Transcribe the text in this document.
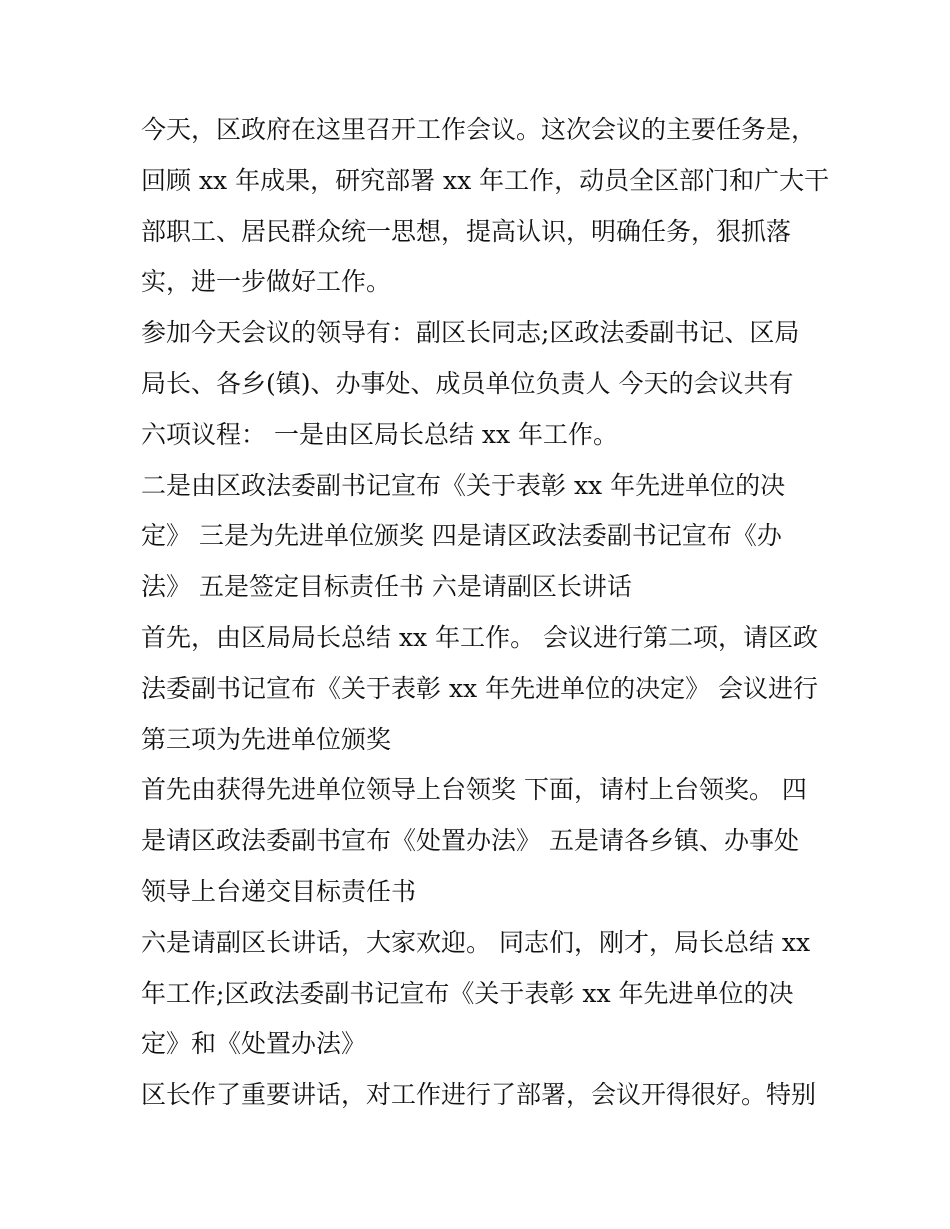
今天，区政府在这里召开工作会议。这次会议的主要任务是，
回顾 xx 年成果，研究部署 xx 年工作，动员全区部门和广大干
部职工、居民群众统一思想，提高认识，明确任务，狠抓落
实，进一步做好工作。
参加今天会议的领导有：副区长同志;区政法委副书记、区局
局长、各乡(镇)、办事处、成员单位负责人 今天的会议共有
六项议程： 一是由区局长总结 xx 年工作。
二是由区政法委副书记宣布《关于表彰 xx 年先进单位的决
定》 三是为先进单位颁奖 四是请区政法委副书记宣布《办
法》 五是签定目标责任书 六是请副区长讲话
首先，由区局局长总结 xx 年工作。 会议进行第二项，请区政
法委副书记宣布《关于表彰 xx 年先进单位的决定》 会议进行
第三项为先进单位颁奖
首先由获得先进单位领导上台领奖 下面，请村上台领奖。 四
是请区政法委副书宣布《处置办法》 五是请各乡镇、办事处
领导上台递交目标责任书
六是请副区长讲话，大家欢迎。 同志们，刚才，局长总结 xx
年工作;区政法委副书记宣布《关于表彰 xx 年先进单位的决
定》和《处置办法》
区长作了重要讲话，对工作进行了部署，会议开得很好。特别
